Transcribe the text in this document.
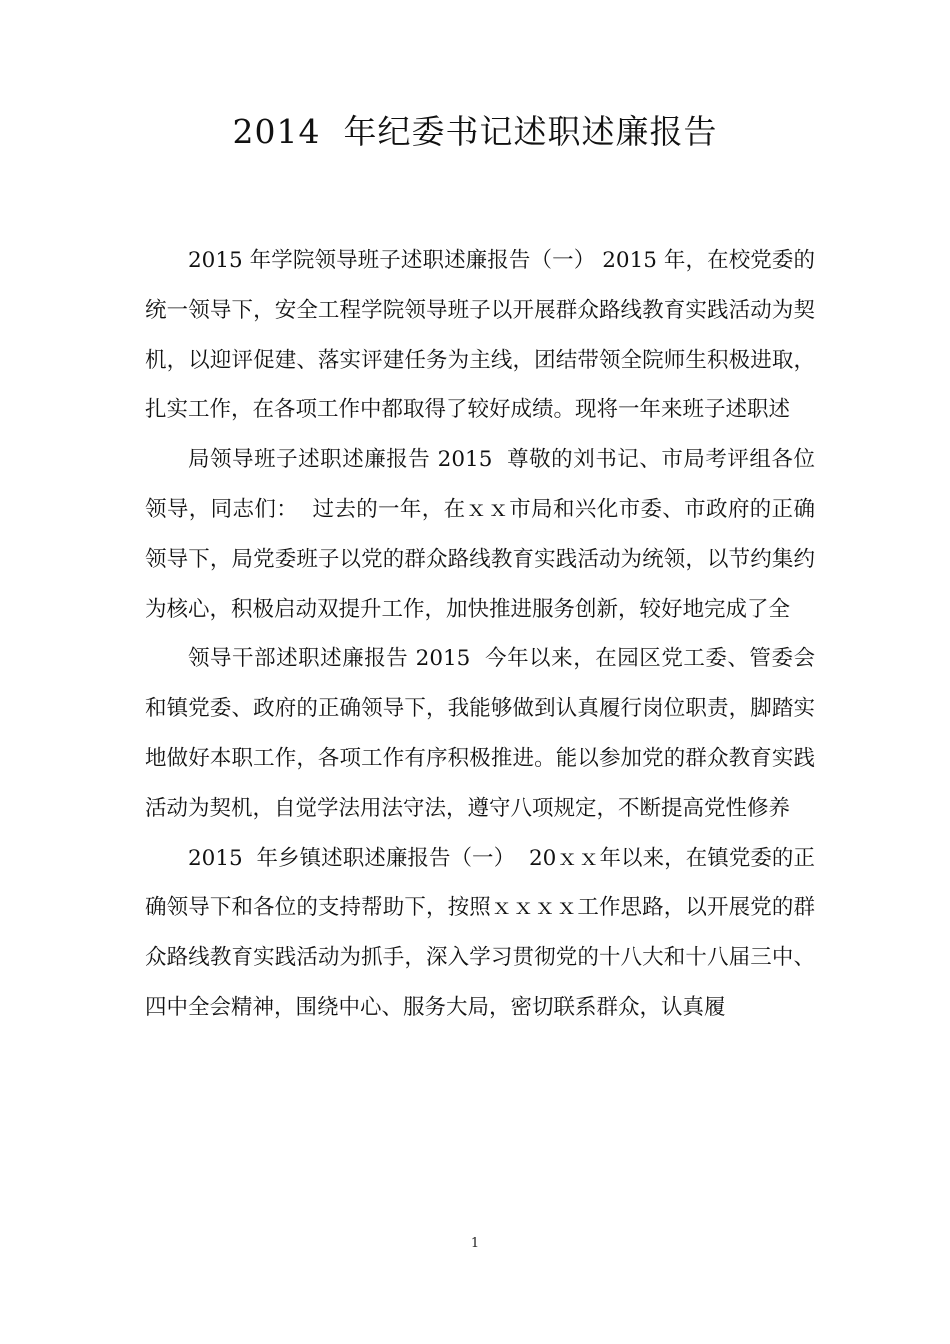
2014  年纪委书记述职述廉报告

2015 年学院领导班子述职述廉报告（一） 2015 年，在校党委的统一领导下，安全工程学院领导班子以开展群众路线教育实践活动为契机，以迎评促建、落实评建任务为主线，团结带领全院师生积极进取，扎实工作，在各项工作中都取得了较好成绩。现将一年来班子述职述

局领导班子述职述廉报告 2015  尊敬的刘书记、市局考评组各位领导，同志们：  过去的一年，在ｘｘ市局和兴化市委、市政府的正确领导下，局党委班子以党的群众路线教育实践活动为统领，以节约集约为核心，积极启动双提升工作，加快推进服务创新，较好地完成了全

领导干部述职述廉报告 2015  今年以来，在园区党工委、管委会和镇党委、政府的正确领导下，我能够做到认真履行岗位职责，脚踏实地做好本职工作，各项工作有序积极推进。能以参加党的群众教育实践活动为契机，自觉学法用法守法，遵守八项规定，不断提高党性修养

2015  年乡镇述职述廉报告（一）  20ｘｘ年以来，在镇党委的正确领导下和各位的支持帮助下，按照ｘｘｘｘ工作思路，以开展党的群众路线教育实践活动为抓手，深入学习贯彻党的十八大和十八届三中、四中全会精神，围绕中心、服务大局，密切联系群众，认真履

1
